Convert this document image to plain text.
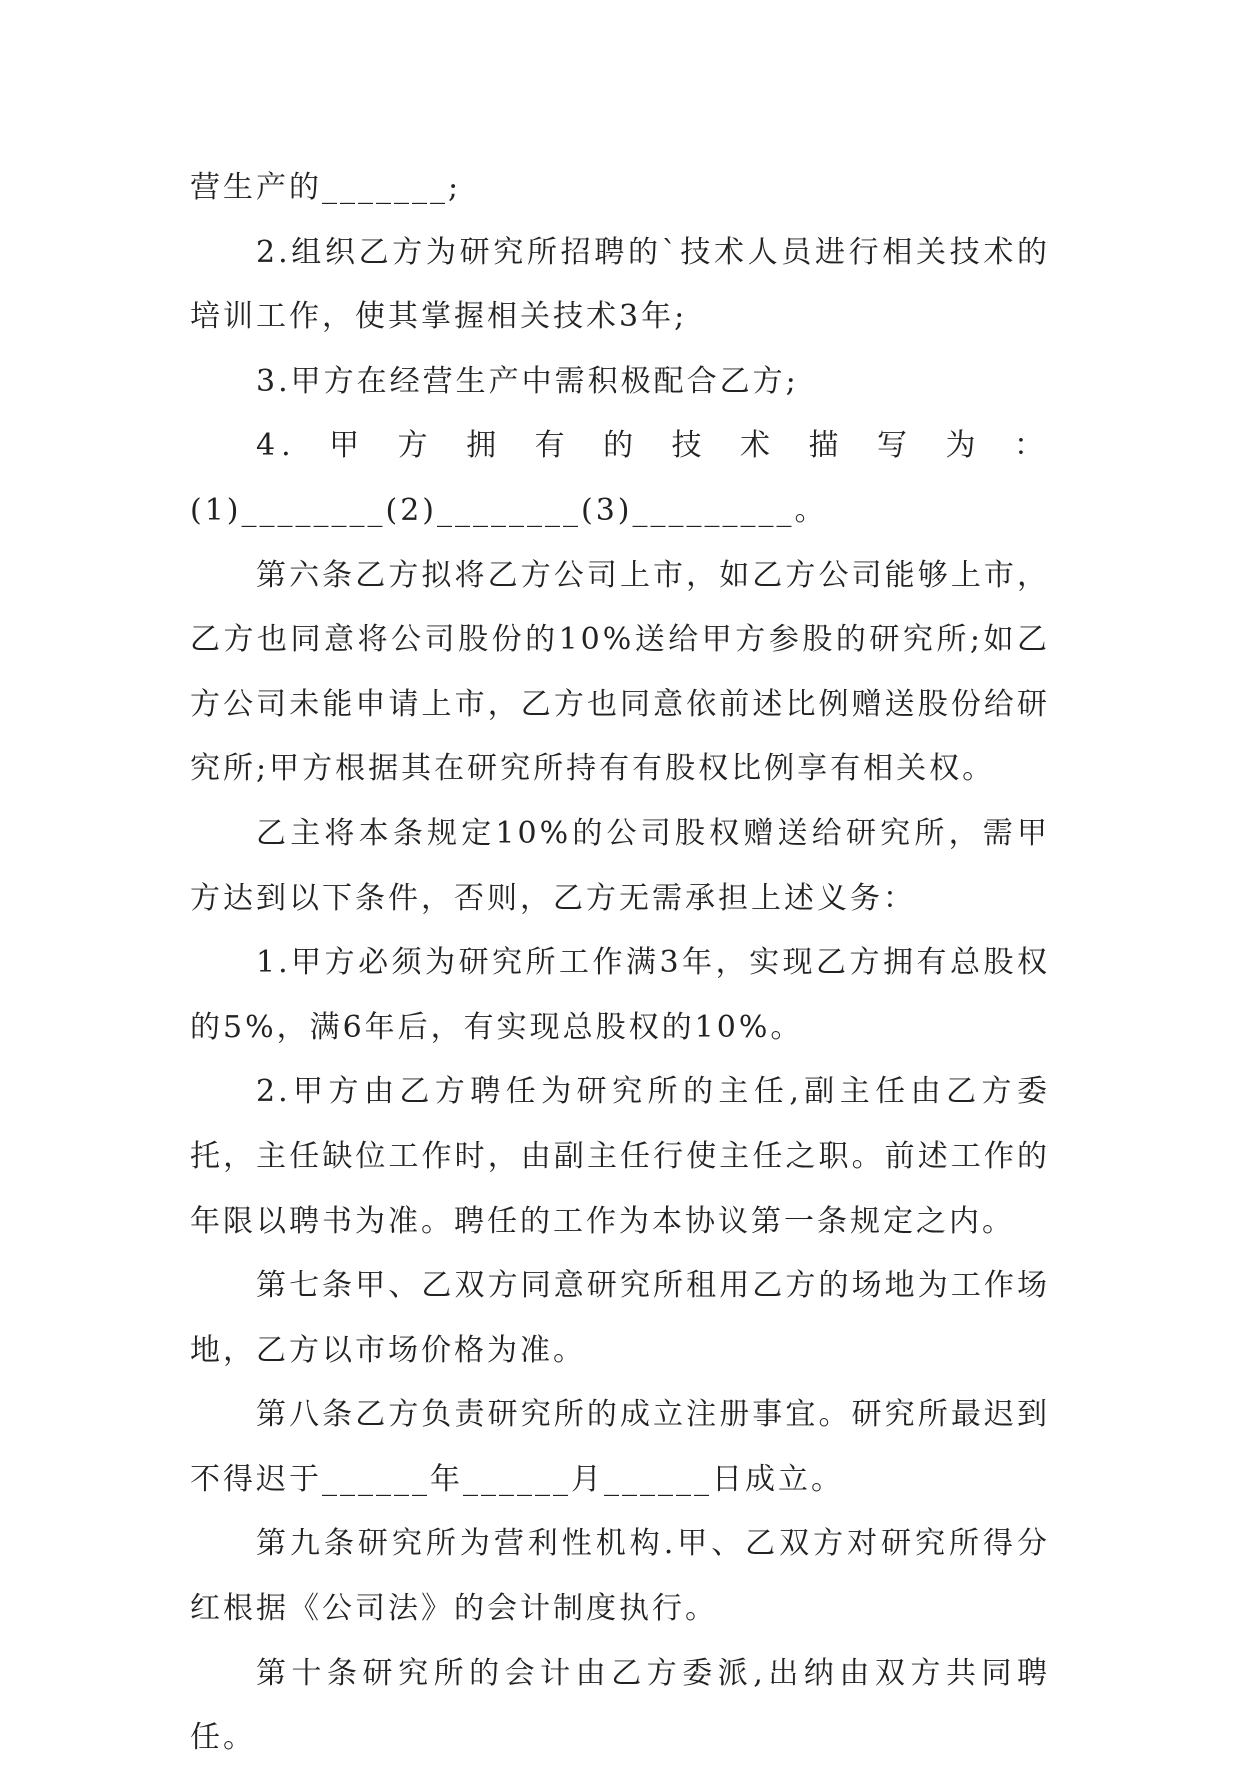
营生产的_______;

2.组织乙方为研究所招聘的`技术人员进行相关技术的培训工作，使其掌握相关技术3年;

3.甲方在经营生产中需积极配合乙方;

4.甲方拥有的技术描写为：

(1)________(2)________(3)_________。

第六条乙方拟将乙方公司上市，如乙方公司能够上市，乙方也同意将公司股份的10%送给甲方参股的研究所;如乙方公司未能申请上市，乙方也同意依前述比例赠送股份给研究所;甲方根据其在研究所持有有股权比例享有相关权。

乙主将本条规定10%的公司股权赠送给研究所，需甲方达到以下条件，否则，乙方无需承担上述义务：

1.甲方必须为研究所工作满3年，实现乙方拥有总股权的5%，满6年后，有实现总股权的10%。

2.甲方由乙方聘任为研究所的主任,副主任由乙方委托，主任缺位工作时，由副主任行使主任之职。前述工作的年限以聘书为准。聘任的工作为本协议第一条规定之内。

第七条甲、乙双方同意研究所租用乙方的场地为工作场地，乙方以市场价格为准。

第八条乙方负责研究所的成立注册事宜。研究所最迟到不得迟于______年______月______日成立。

第九条研究所为营利性机构.甲、乙双方对研究所得分红根据《公司法》的会计制度执行。

第十条研究所的会计由乙方委派,出纳由双方共同聘任。
